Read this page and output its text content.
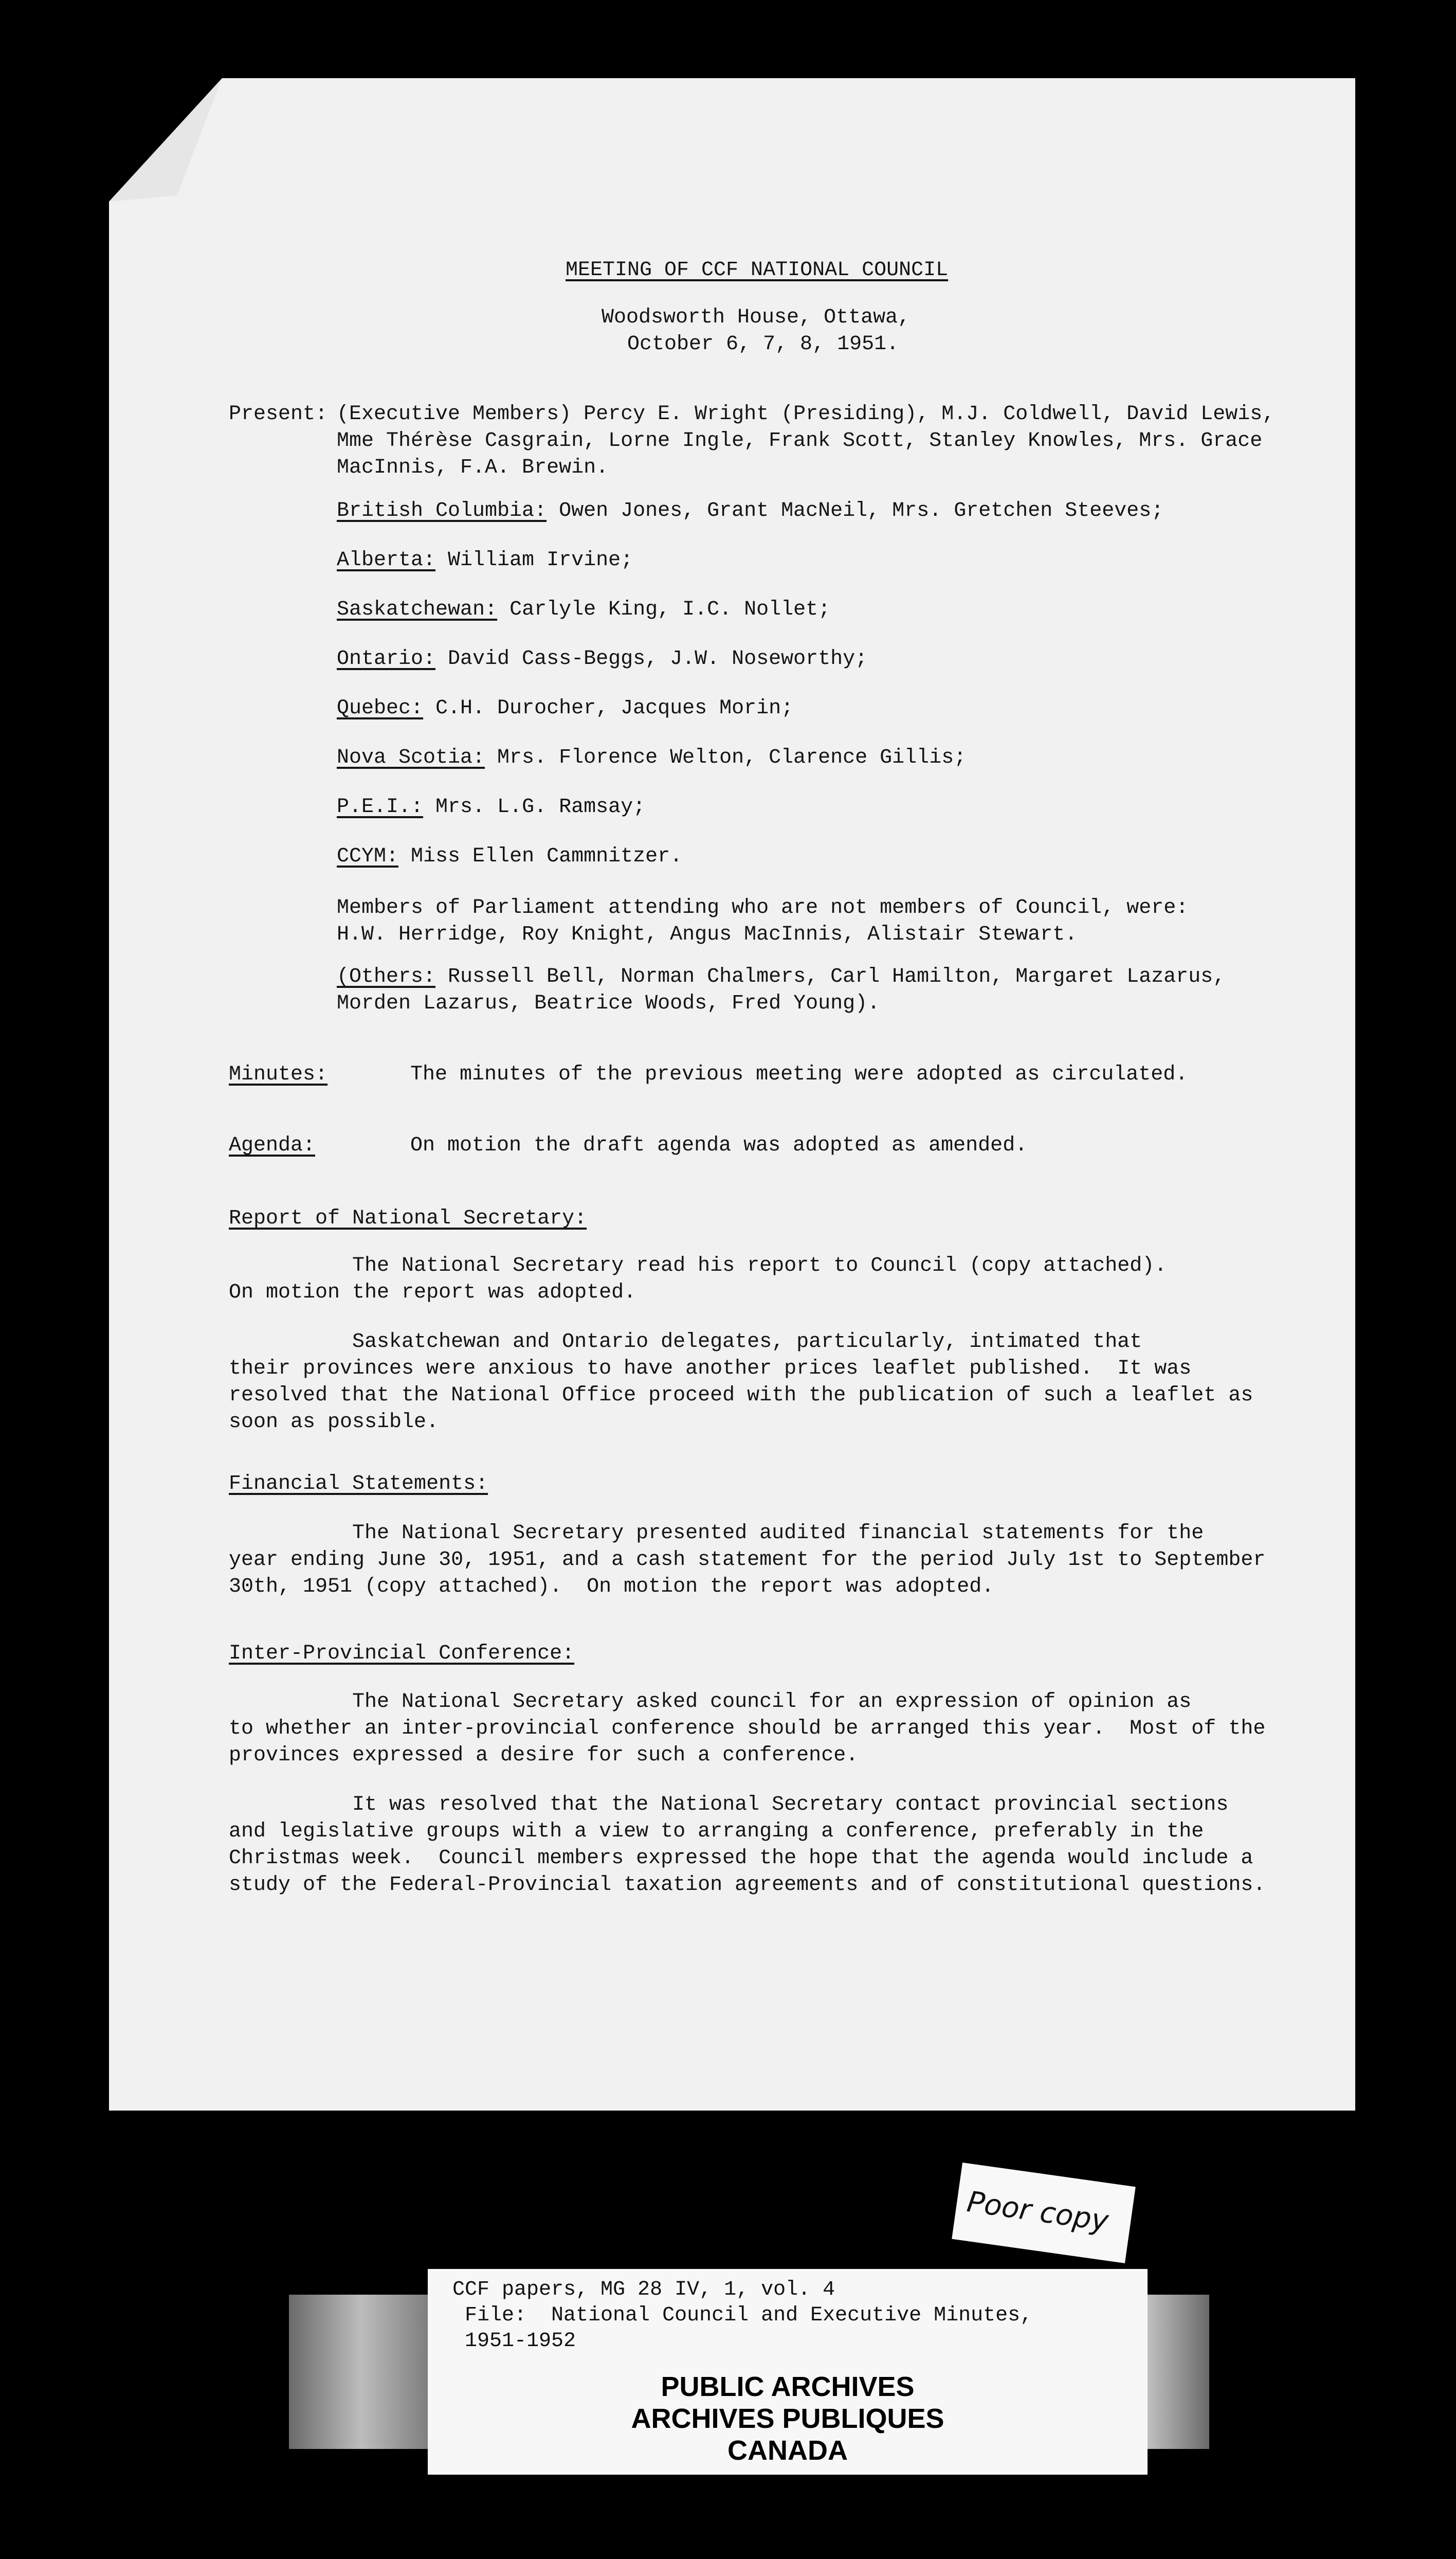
MEETING OF CCF NATIONAL COUNCIL
Woodsworth House, Ottawa,
October 6, 7, 8, 1951.
Present: (Executive Members) Percy E. Wright (Presiding), M.J. Coldwell, David Lewis,
Mme Thérèse Casgrain, Lorne Ingle, Frank Scott, Stanley Knowles, Mrs. Grace
MacInnis, F.A. Brewin.
British Columbia: Owen Jones, Grant MacNeil, Mrs. Gretchen Steeves;
Alberta: William Irvine;
Saskatchewan: Carlyle King, I.C. Nollet;
Ontario: David Cass-Beggs, J.W. Noseworthy;
Quebec: C.H. Durocher, Jacques Morin;
Nova Scotia: Mrs. Florence Welton, Clarence Gillis;
P.E.I.: Mrs. L.G. Ramsay;
CCYM: Miss Ellen Cammnitzer.
Members of Parliament attending who are not members of Council, were:
H.W. Herridge, Roy Knight, Angus MacInnis, Alistair Stewart.
(Others: Russell Bell, Norman Chalmers, Carl Hamilton, Margaret Lazarus,
Morden Lazarus, Beatrice Woods, Fred Young).
Minutes:	The minutes of the previous meeting were adopted as circulated.
Agenda:	On motion the draft agenda was adopted as amended.
Report of National Secretary:
The National Secretary read his report to Council (copy attached).
On motion the report was adopted.
Saskatchewan and Ontario delegates, particularly, intimated that
their provinces were anxious to have another prices leaflet published.  It was
resolved that the National Office proceed with the publication of such a leaflet as
soon as possible.
Financial Statements:
The National Secretary presented audited financial statements for the
year ending June 30, 1951, and a cash statement for the period July 1st to September
30th, 1951 (copy attached).  On motion the report was adopted.
Inter-Provincial Conference:
The National Secretary asked council for an expression of opinion as
to whether an inter-provincial conference should be arranged this year.  Most of the
provinces expressed a desire for such a conference.
It was resolved that the National Secretary contact provincial sections
and legislative groups with a view to arranging a conference, preferably in the
Christmas week.  Council members expressed the hope that the agenda would include a
study of the Federal-Provincial taxation agreements and of constitutional questions.
Poor copy
CCF papers, MG 28 IV, 1, vol. 4
File:  National Council and Executive Minutes,
1951-1952
PUBLIC ARCHIVES
ARCHIVES PUBLIQUES
CANADA
